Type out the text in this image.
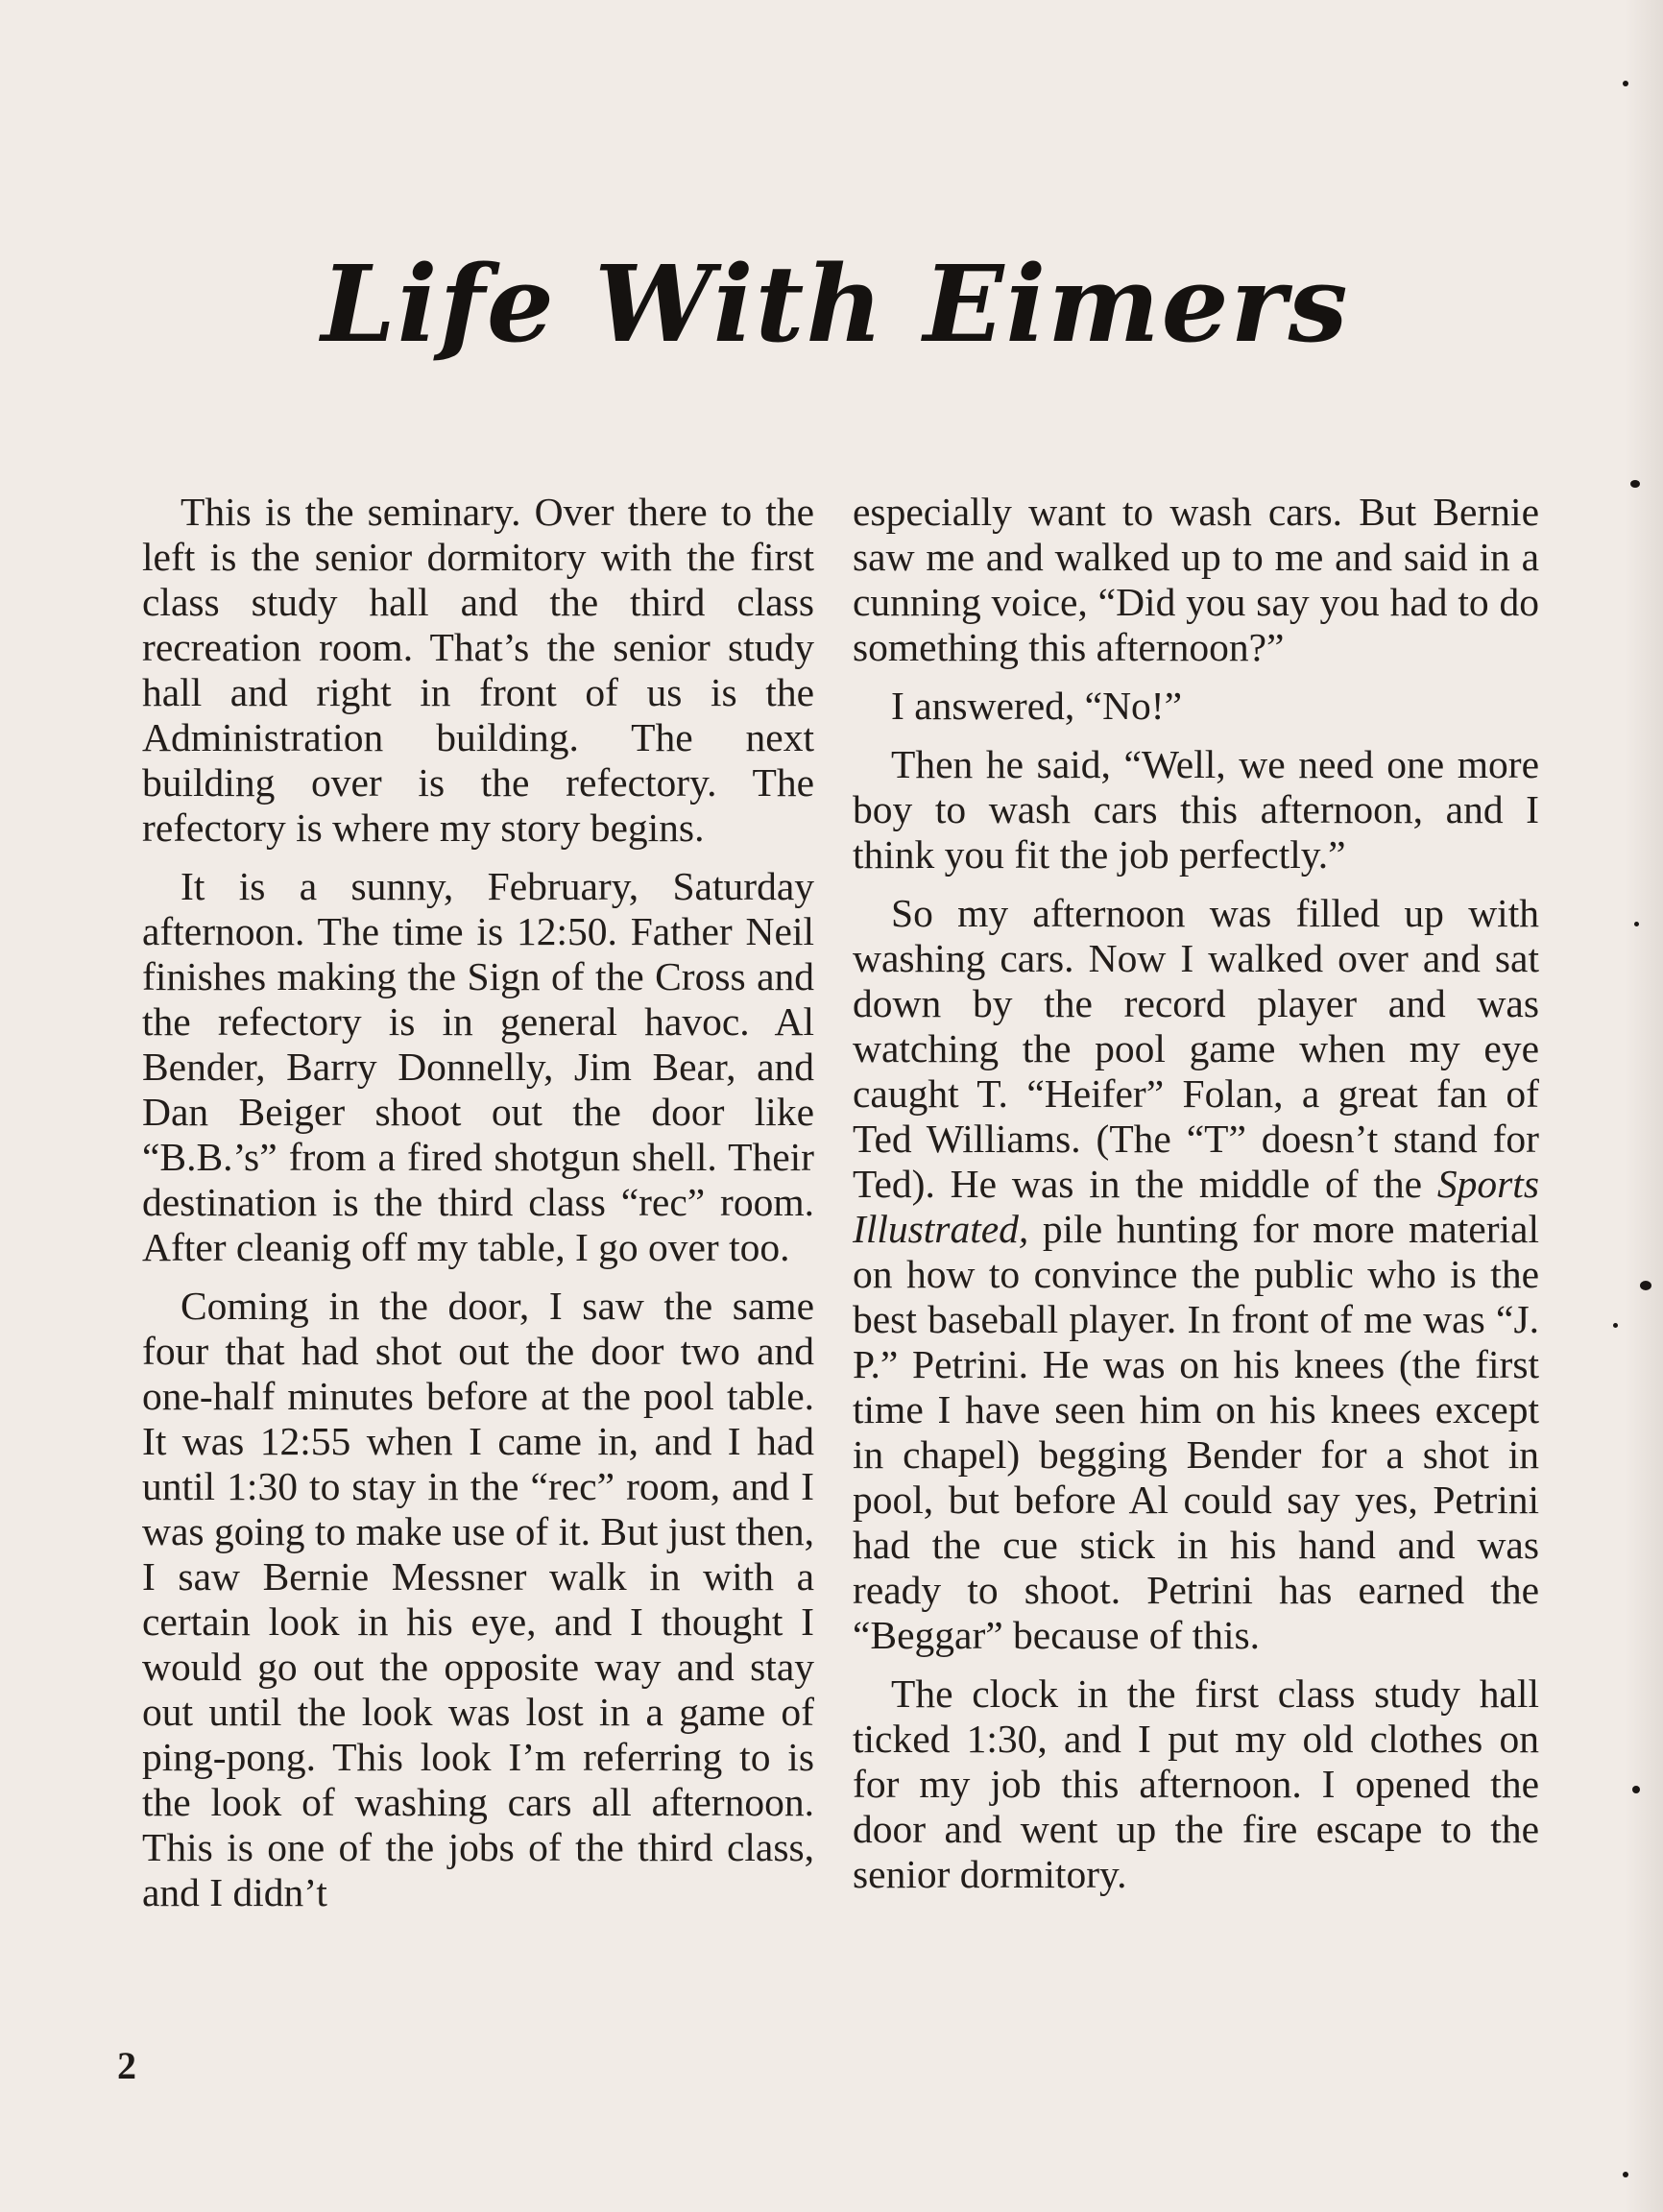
Life With Eimers

This is the seminary. Over there to the left is the senior dormitory with the first class study hall and the third class recreation room. That’s the senior study hall and right in front of us is the Administration building. The next building over is the refectory. The refectory is where my story begins.

It is a sunny, February, Saturday afternoon. The time is 12:50. Father Neil finishes making the Sign of the Cross and the refectory is in general havoc. Al Bender, Barry Donnelly, Jim Bear, and Dan Beiger shoot out the door like “B.B.’s” from a fired shotgun shell. Their destination is the third class “rec” room. After cleanig off my table, I go over too.

Coming in the door, I saw the same four that had shot out the door two and one-half minutes before at the pool table. It was 12:55 when I came in, and I had until 1:30 to stay in the “rec” room, and I was going to make use of it. But just then, I saw Bernie Messner walk in with a certain look in his eye, and I thought I would go out the opposite way and stay out until the look was lost in a game of ping-pong. This look I’m referring to is the look of washing cars all afternoon. This is one of the jobs of the third class, and I didn’t

especially want to wash cars. But Bernie saw me and walked up to me and said in a cunning voice, “Did you say you had to do something this afternoon?”

I answered, “No!”

Then he said, “Well, we need one more boy to wash cars this afternoon, and I think you fit the job perfectly.”

So my afternoon was filled up with washing cars. Now I walked over and sat down by the record player and was watching the pool game when my eye caught T. “Heifer” Folan, a great fan of Ted Williams. (The “T” doesn’t stand for Ted). He was in the middle of the Sports Illustrated, pile hunting for more material on how to convince the public who is the best baseball player. In front of me was “J. P.” Petrini. He was on his knees (the first time I have seen him on his knees except in chapel) begging Bender for a shot in pool, but before Al could say yes, Petrini had the cue stick in his hand and was ready to shoot. Petrini has earned the “Beggar” because of this.

The clock in the first class study hall ticked 1:30, and I put my old clothes on for my job this afternoon. I opened the door and went up the fire escape to the senior dormitory.

2
